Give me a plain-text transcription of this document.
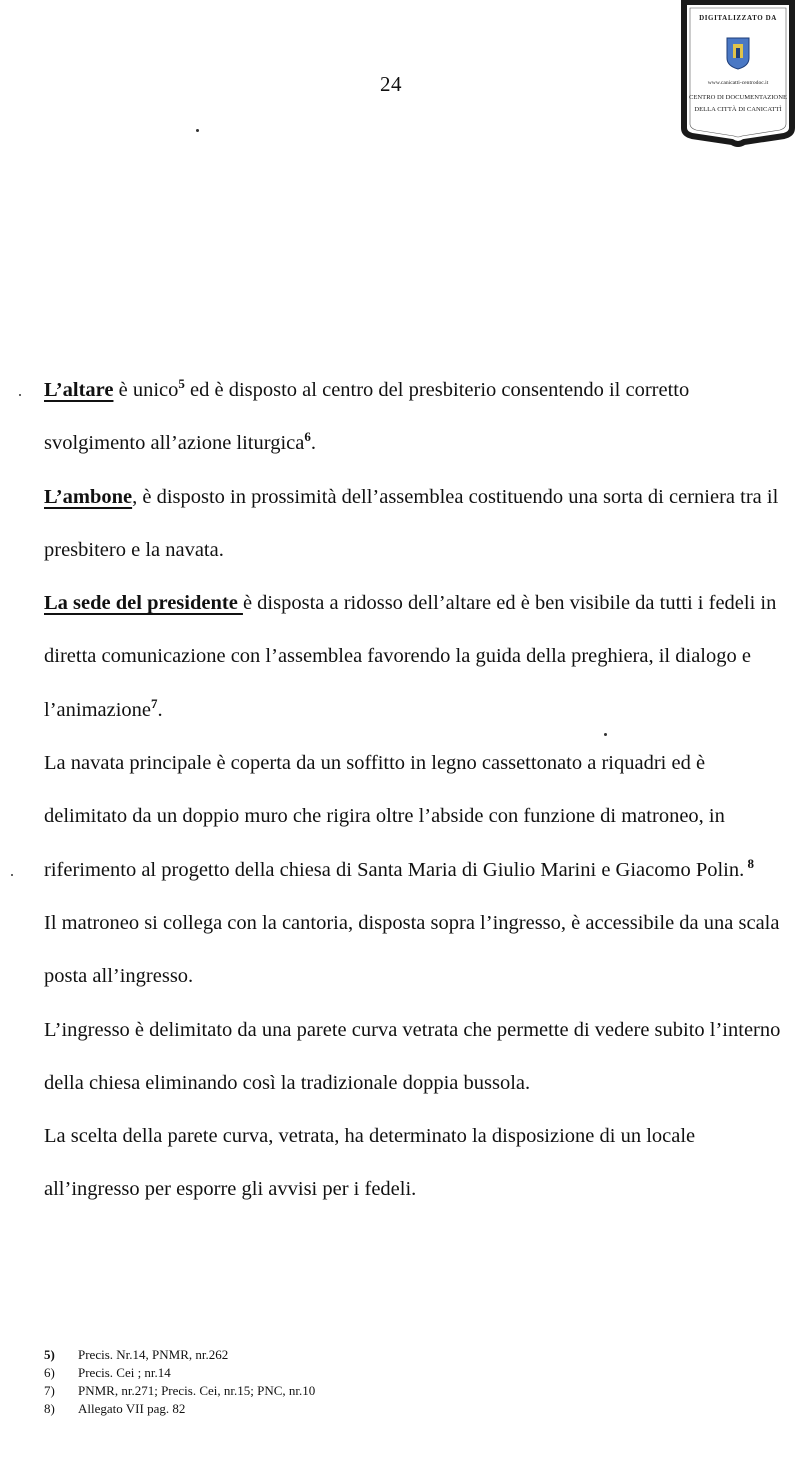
24
DIGITALIZZATO DA
www.canicatti-centrodoc.it
CENTRO DI DOCUMENTAZIONE
DELLA CITTÀ DI CANICATTÌ

L’altare è unico$^5$ ed è disposto al centro del presbiterio consentendo il corretto svolgimento all’azione liturgica$^6$.

L’ambone, è disposto in prossimità dell’assemblea costituendo una sorta di cerniera tra il presbitero e la navata.

La sede del presidente è disposta a ridosso dell’altare ed è ben visibile da tutti i fedeli in diretta comunicazione con l’assemblea favorendo la guida della preghiera, il dialogo e l’animazione$^7$.

La navata principale è coperta da un soffitto in legno cassettonato a riquadri ed è delimitato da un doppio muro che rigira oltre l’abside con funzione di matroneo, in riferimento al progetto della chiesa di Santa Maria di Giulio Marini e Giacomo Polin. $^8$

Il matroneo si collega con la cantoria, disposta sopra l’ingresso, è accessibile da una scala posta all’ingresso.

L’ingresso è delimitato da una parete curva vetrata che permette di vedere subito l’interno della chiesa eliminando così la tradizionale doppia bussola.

La scelta della parete curva, vetrata, ha determinato la disposizione di un locale all’ingresso per esporre gli avvisi per i fedeli.

5)	Precis. Nr.14, PNMR, nr.262
6)	Precis. Cei ; nr.14
7)	PNMR, nr.271; Precis. Cei, nr.15; PNC, nr.10
8)	Allegato VII pag. 82
